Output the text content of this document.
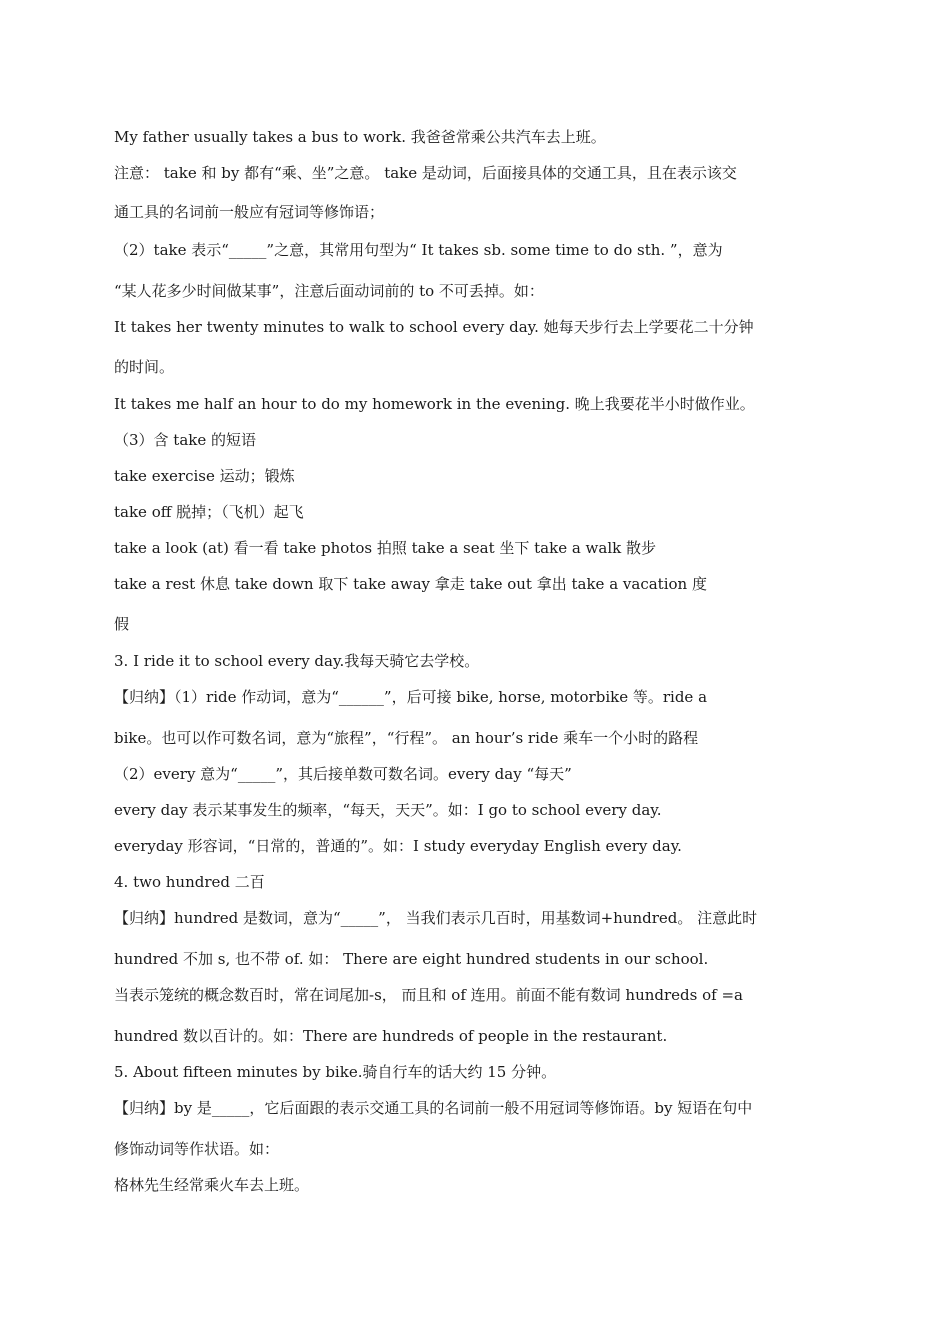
My father usually takes a bus to work. 我爸爸常乘公共汽车去上班。
注意： take 和 by 都有“乘、坐”之意。 take 是动词，后面接具体的交通工具，且在表示该交
通工具的名词前一般应有冠词等修饰语；
（2）take 表示“_____”之意，其常用句型为“ It takes sb. some time to do sth. ”，意为
“某人花多少时间做某事”，注意后面动词前的 to 不可丢掉。如：
It takes her twenty minutes to walk to school every day. 她每天步行去上学要花二十分钟
的时间。
It takes me half an hour to do my homework in the evening. 晚上我要花半小时做作业。
（3）含 take 的短语
take exercise 运动；锻炼
take off 脱掉；（飞机）起飞
take a look (at) 看一看 take photos 拍照 take a seat 坐下 take a walk 散步
take a rest 休息 take down 取下 take away 拿走 take out 拿出 take a vacation 度
假
3. I ride it to school every day.我每天骑它去学校。
【归纳】（1）ride 作动词，意为“______”，后可接 bike, horse, motorbike 等。ride a
bike。也可以作可数名词，意为“旅程”，“行程”。 an hour’s ride 乘车一个小时的路程
（2）every 意为“_____”，其后接单数可数名词。every day “每天”
every day 表示某事发生的频率，“每天，天天”。如：I go to school every day.
everyday 形容词，“日常的，普通的”。如：I study everyday English every day.
4. two hundred 二百
【归纳】hundred 是数词，意为“_____”， 当我们表示几百时，用基数词+hundred。 注意此时
hundred 不加 s, 也不带 of. 如： There are eight hundred students in our school.
当表示笼统的概念数百时，常在词尾加-s， 而且和 of 连用。前面不能有数词 hundreds of =a
hundred 数以百计的。如：There are hundreds of people in the restaurant.
5. About fifteen minutes by bike.骑自行车的话大约 15 分钟。
【归纳】by 是_____，它后面跟的表示交通工具的名词前一般不用冠词等修饰语。by 短语在句中
修饰动词等作状语。如：
格林先生经常乘火车去上班。
